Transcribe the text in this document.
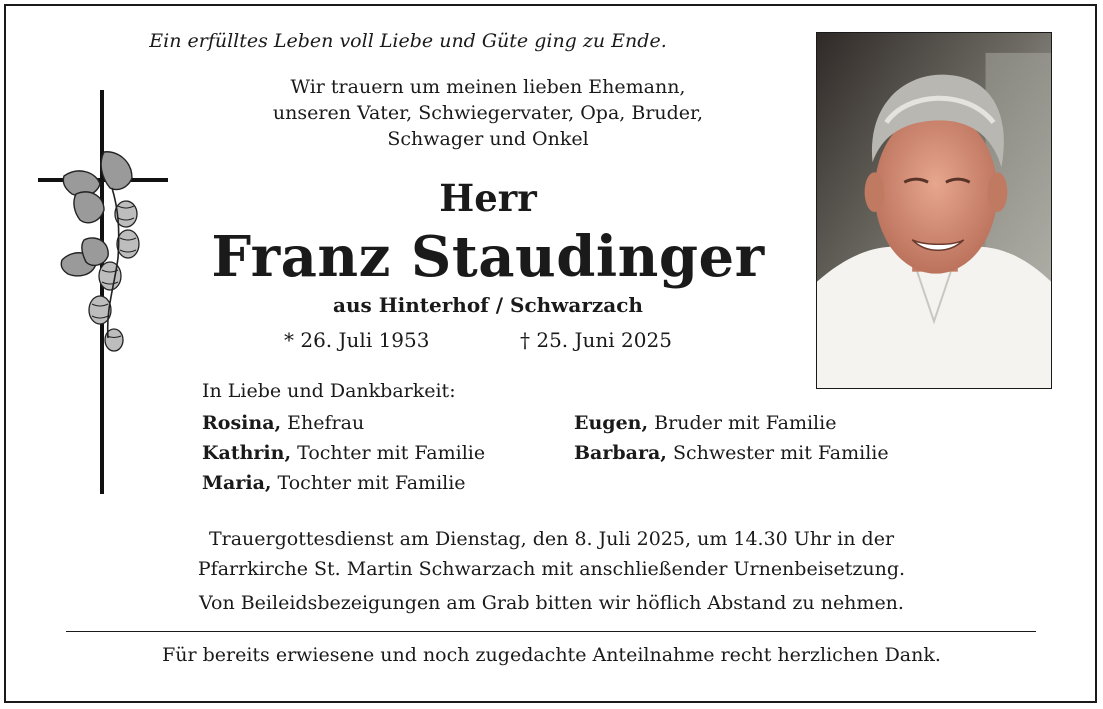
Ein erfülltes Leben voll Liebe und Güte ging zu Ende.
Wir trauern um meinen lieben Ehemann,
unseren Vater, Schwiegervater, Opa, Bruder,
Schwager und Onkel
Herr
Franz Staudinger
aus Hinterhof / Schwarzach
* 26. Juli 1953	† 25. Juni 2025
In Liebe und Dankbarkeit:
Rosina, Ehefrau
Kathrin, Tochter mit Familie
Maria, Tochter mit Familie
Eugen, Bruder mit Familie
Barbara, Schwester mit Familie
Trauergottesdienst am Dienstag, den 8. Juli 2025, um 14.30 Uhr in der
Pfarrkirche St. Martin Schwarzach mit anschließender Urnenbeisetzung.
Von Beileidsbezeigungen am Grab bitten wir höflich Abstand zu nehmen.
Für bereits erwiesene und noch zugedachte Anteilnahme recht herzlichen Dank.
